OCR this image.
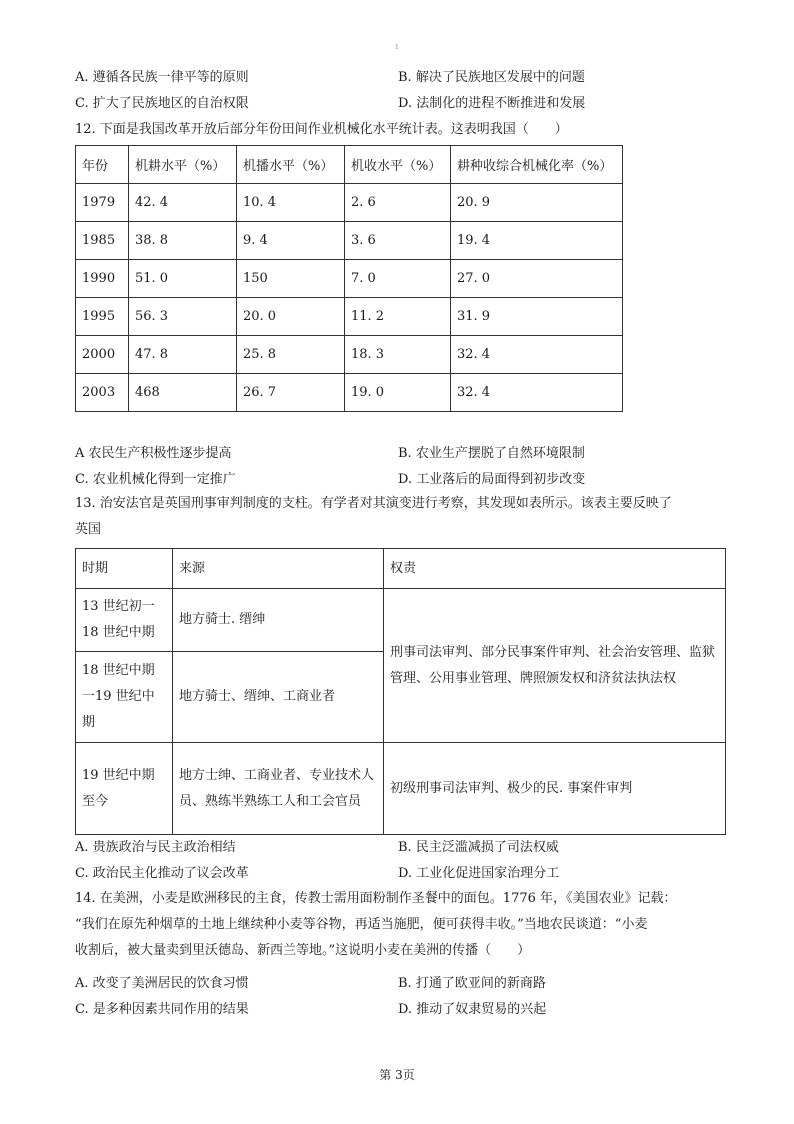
1
A. 遵循各民族一律平等的原则	B. 解决了民族地区发展中的问题
C. 扩大了民族地区的自治权限	D. 法制化的进程不断推进和发展
12. 下面是我国改革开放后部分年份田间作业机械化水平统计表。这表明我国（　　）
年份	机耕水平（%）	机播水平（%）	机收水平（%）	耕种收综合机械化率（%）
1979	42. 4	10. 4	2. 6	20. 9
1985	38. 8	9. 4	3. 6	19. 4
1990	51. 0	150	7. 0	27. 0
1995	56. 3	20. 0	11. 2	31. 9
2000	47. 8	25. 8	18. 3	32. 4
2003	468	26. 7	19. 0	32. 4
A 农民生产积极性逐步提高	B. 农业生产摆脱了自然环境限制
C. 农业机械化得到一定推广	D. 工业落后的局面得到初步改变
13. 治安法官是英国刑事审判制度的支柱。有学者对其演变进行考察，其发现如表所示。该表主要反映了
英国
时期	来源	权责
13 世纪初一18 世纪中期	地方骑士. 缙绅	刑事司法审判、部分民事案件审判、社会治安管理、监狱管理、公用事业管理、牌照颁发权和济贫法执法权
18 世纪中期一19 世纪中期	地方骑士、缙绅、工商业者	
19 世纪中期至今	地方士绅、工商业者、专业技术人员、熟练半熟练工人和工会官员	初级刑事司法审判、极少的民. 事案件审判
A. 贵族政治与民主政治相结	B. 民主泛滥减损了司法权威
C. 政治民主化推动了议会改革	D. 工业化促进国家治理分工
14. 在美洲，小麦是欧洲移民的主食，传教士需用面粉制作圣餐中的面包。1776 年，《美国农业》记载：
“我们在原先种烟草的土地上继续种小麦等谷物，再适当施肥，便可获得丰收。”当地农民谈道：“小麦
收割后，被大量卖到里沃德岛、新西兰等地。”这说明小麦在美洲的传播（　　）
A. 改变了美洲居民的饮食习惯	B. 打通了欧亚间的新商路
C. 是多种因素共同作用的结果	D. 推动了奴隶贸易的兴起
第 3页
